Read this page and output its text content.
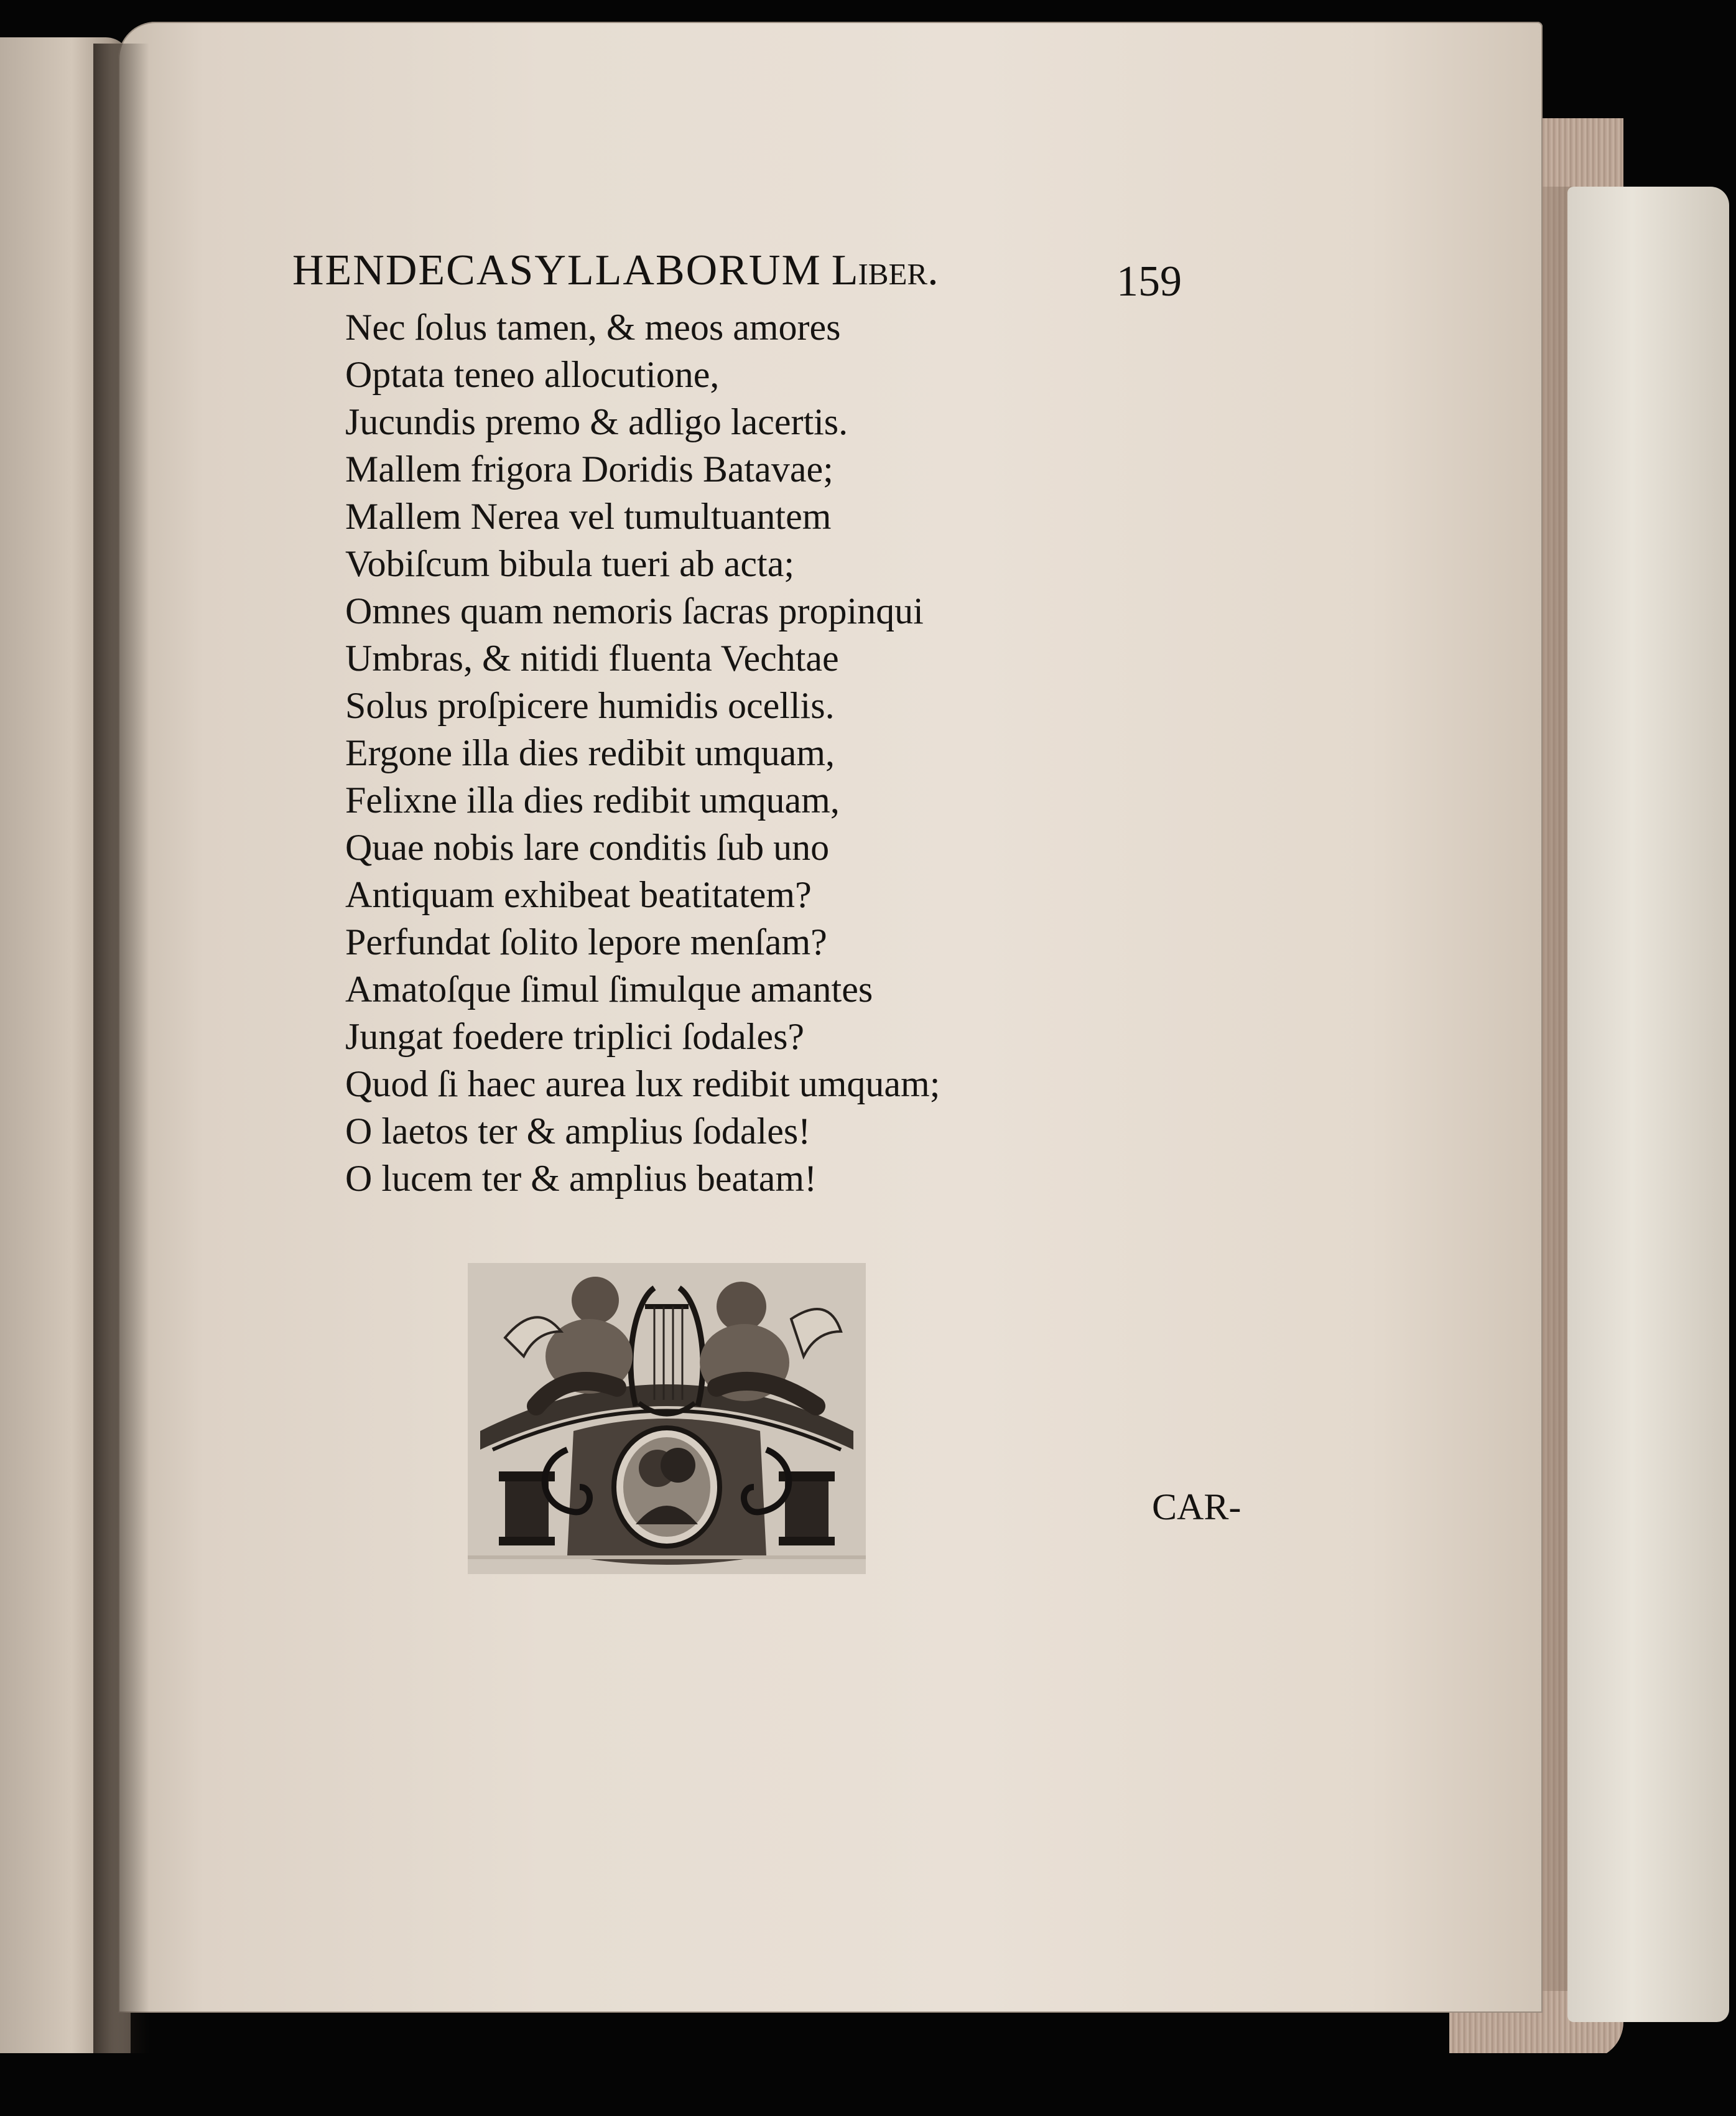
HENDECASYLLABORUM Liber.	159
Nec ſolus tamen, & meos amores
Optata teneo allocutione,
Jucundis premo & adligo lacertis.
Mallem frigora Doridis Batavae;
Mallem Nerea vel tumultuantem
Vobiſcum bibula tueri ab acta;
Omnes quam nemoris ſacras propinqui
Umbras, & nitidi fluenta Vechtae
Solus proſpicere humidis ocellis.
Ergone illa dies redibit umquam,
Felixne illa dies redibit umquam,
Quae nobis lare conditis ſub uno
Antiquam exhibeat beatitatem?
Perfundat ſolito lepore menſam?
Amatoſque ſimul ſimulque amantes
Jungat foedere triplici ſodales?
Quod ſi haec aurea lux redibit umquam;
O laetos ter & amplius ſodales!
O lucem ter & amplius beatam!
CAR-
